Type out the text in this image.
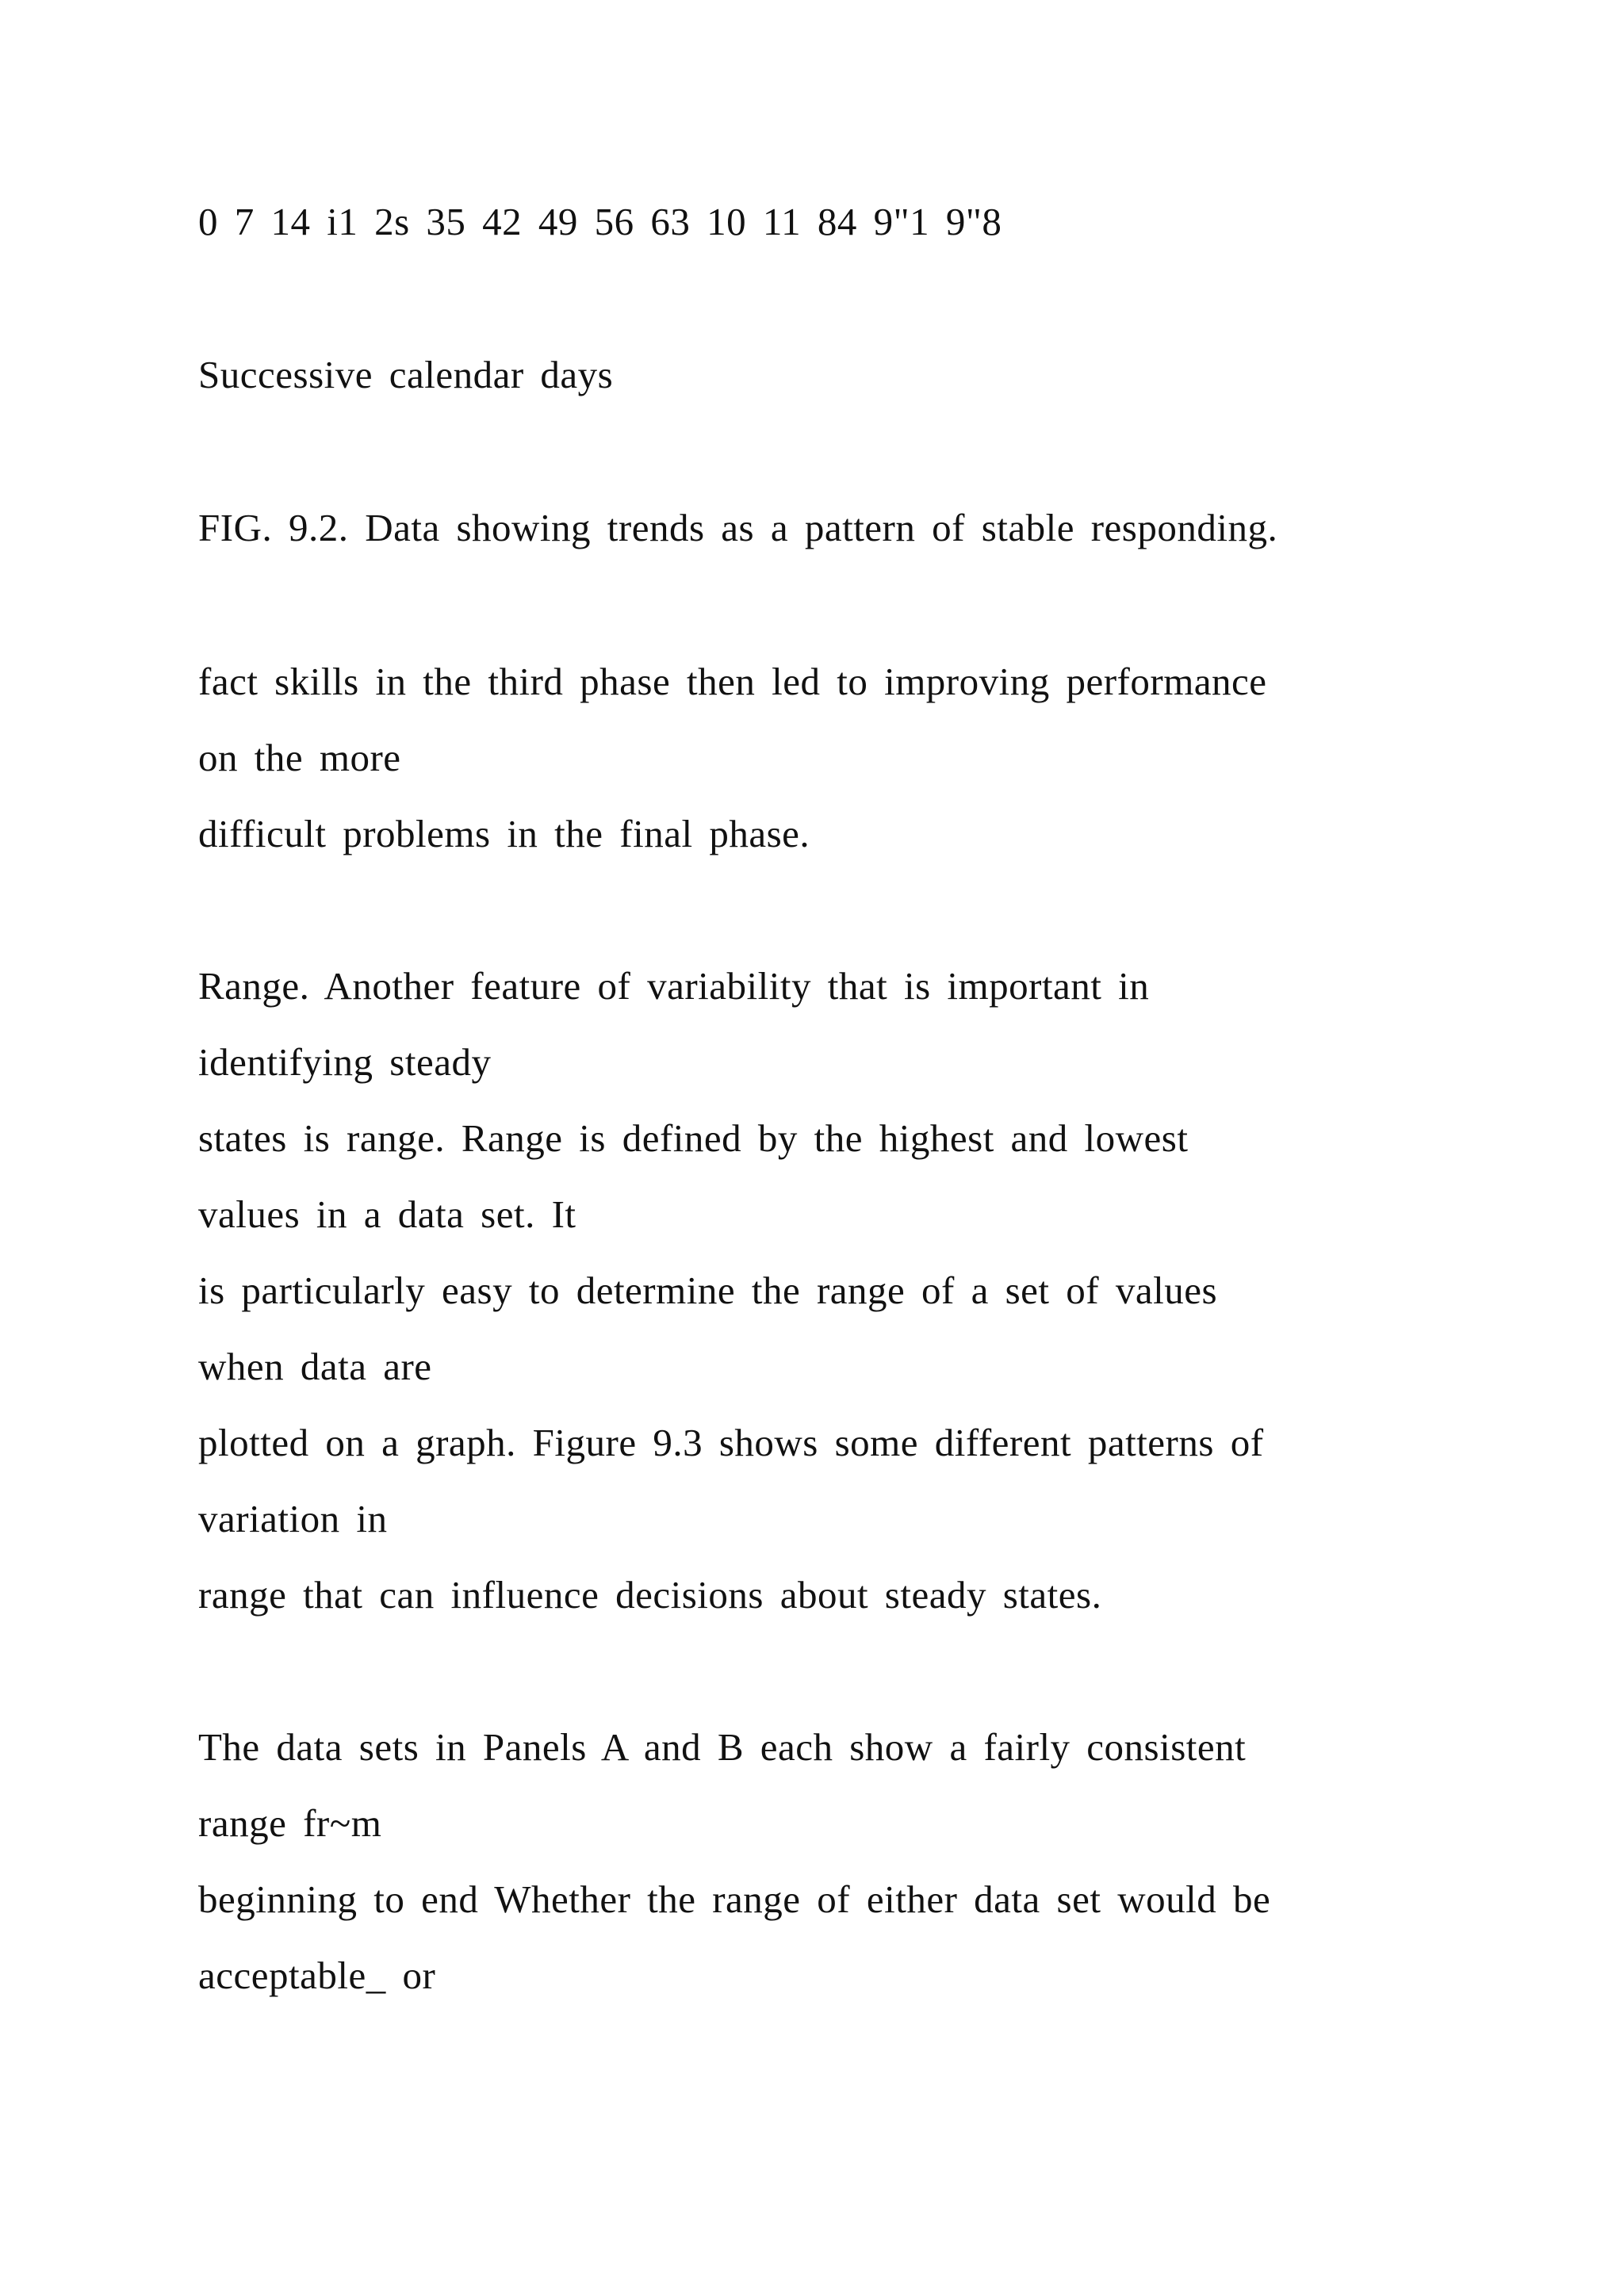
0 7 14 i1 2s 35 42 49 56 63 10 11 84 9"1 9"8
Successive calendar days
FIG. 9.2. Data showing trends as a pattern of stable responding.
fact skills in the third phase then led to improving performance
on the more
difficult problems in the final phase.
Range. Another feature of variability that is important in
identifying steady
states is range. Range is defined by the highest and lowest
values in a data set. It
is particularly easy to determine the range of a set of values
when data are
plotted on a graph. Figure 9.3 shows some different patterns of
variation in
range that can influence decisions about steady states.
The data sets in Panels A and B each show a fairly consistent
range fr~m
beginning to end Whether the range of either data set would be
acceptable_ or
